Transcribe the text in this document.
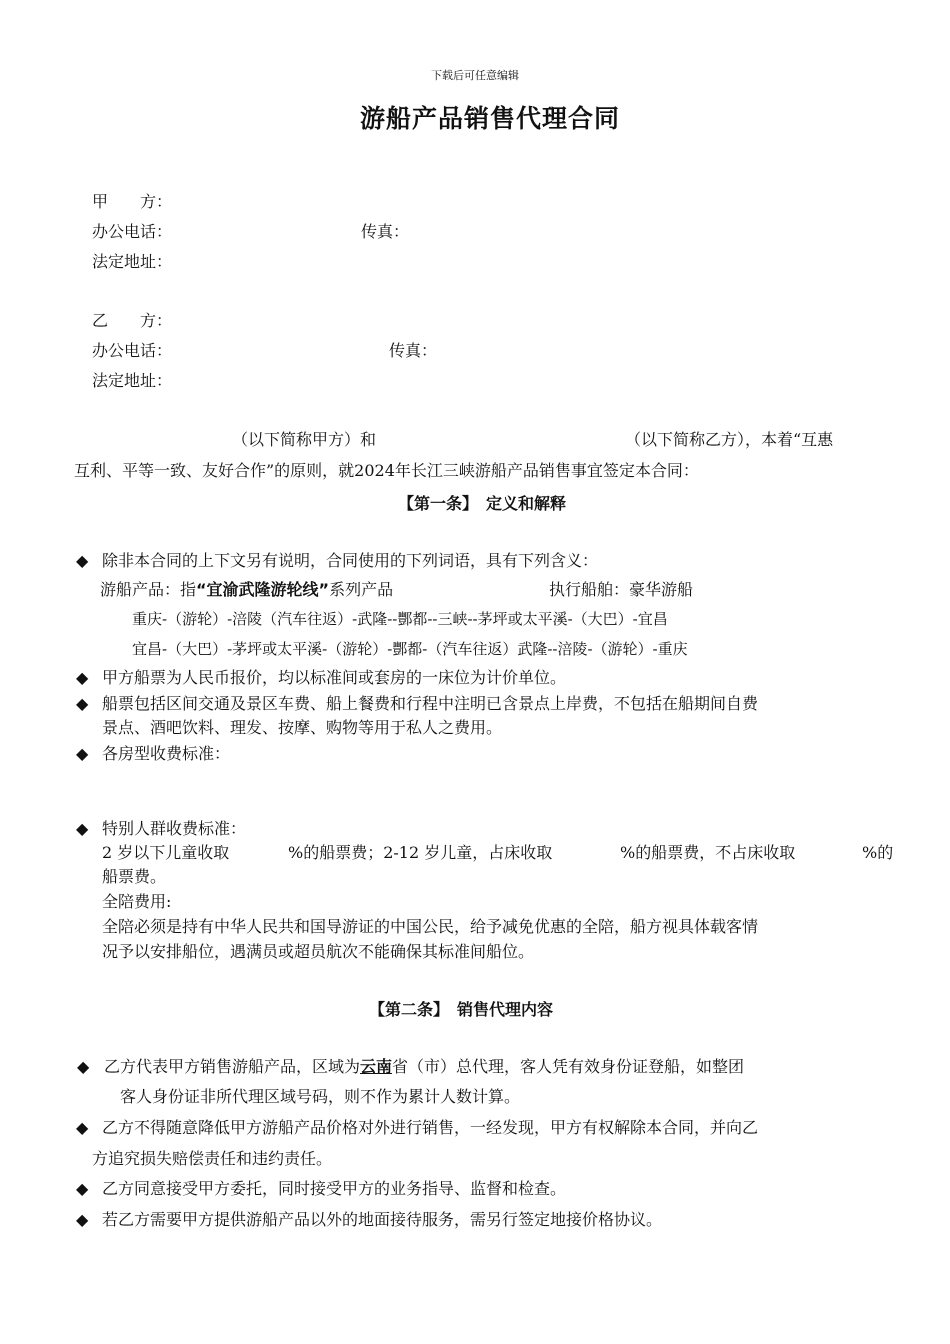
下载后可任意编辑
游船产品销售代理合同
甲　　方：
办公电话：	传真：
法定地址：
乙　　方：
办公电话：	传真：
法定地址：
（以下简称甲方）和	（以下简称乙方），本着“互惠
互利、平等一致、友好合作”的原则，就2024年长江三峡游船产品销售事宜签定本合同：
【第一条】　定义和解释
◆ 除非本合同的上下文另有说明，合同使用的下列词语，具有下列含义：
游船产品：指“宜渝武隆游轮线”系列产品	执行船舶：豪华游船
重庆-（游轮）-涪陵（汽车往返）-武隆--酆都--三峡--茅坪或太平溪-（大巴）-宜昌
宜昌-（大巴）-茅坪或太平溪-（游轮）-酆都-（汽车往返）武隆--涪陵-（游轮）-重庆
◆ 甲方船票为人民币报价，均以标准间或套房的一床位为计价单位。
◆ 船票包括区间交通及景区车费、船上餐费和行程中注明已含景点上岸费，不包括在船期间自费
景点、酒吧饮料、理发、按摩、购物等用于私人之费用。
◆ 各房型收费标准：
◆ 特别人群收费标准：
2 岁以下儿童收取	%的船票费；2-12 岁儿童，占床收取	%的船票费，不占床收取	%的
船票费。
全陪费用:
全陪必须是持有中华人民共和国导游证的中国公民，给予减免优惠的全陪，船方视具体载客情
况予以安排船位，遇满员或超员航次不能确保其标准间船位。
【第二条】　销售代理内容
◆ 乙方代表甲方销售游船产品，区域为云南省（市）总代理，客人凭有效身份证登船，如整团
客人身份证非所代理区域号码，则不作为累计人数计算。
◆ 乙方不得随意降低甲方游船产品价格对外进行销售，一经发现，甲方有权解除本合同，并向乙
方追究损失赔偿责任和违约责任。
◆ 乙方同意接受甲方委托，同时接受甲方的业务指导、监督和检查。
◆ 若乙方需要甲方提供游船产品以外的地面接待服务，需另行签定地接价格协议。
